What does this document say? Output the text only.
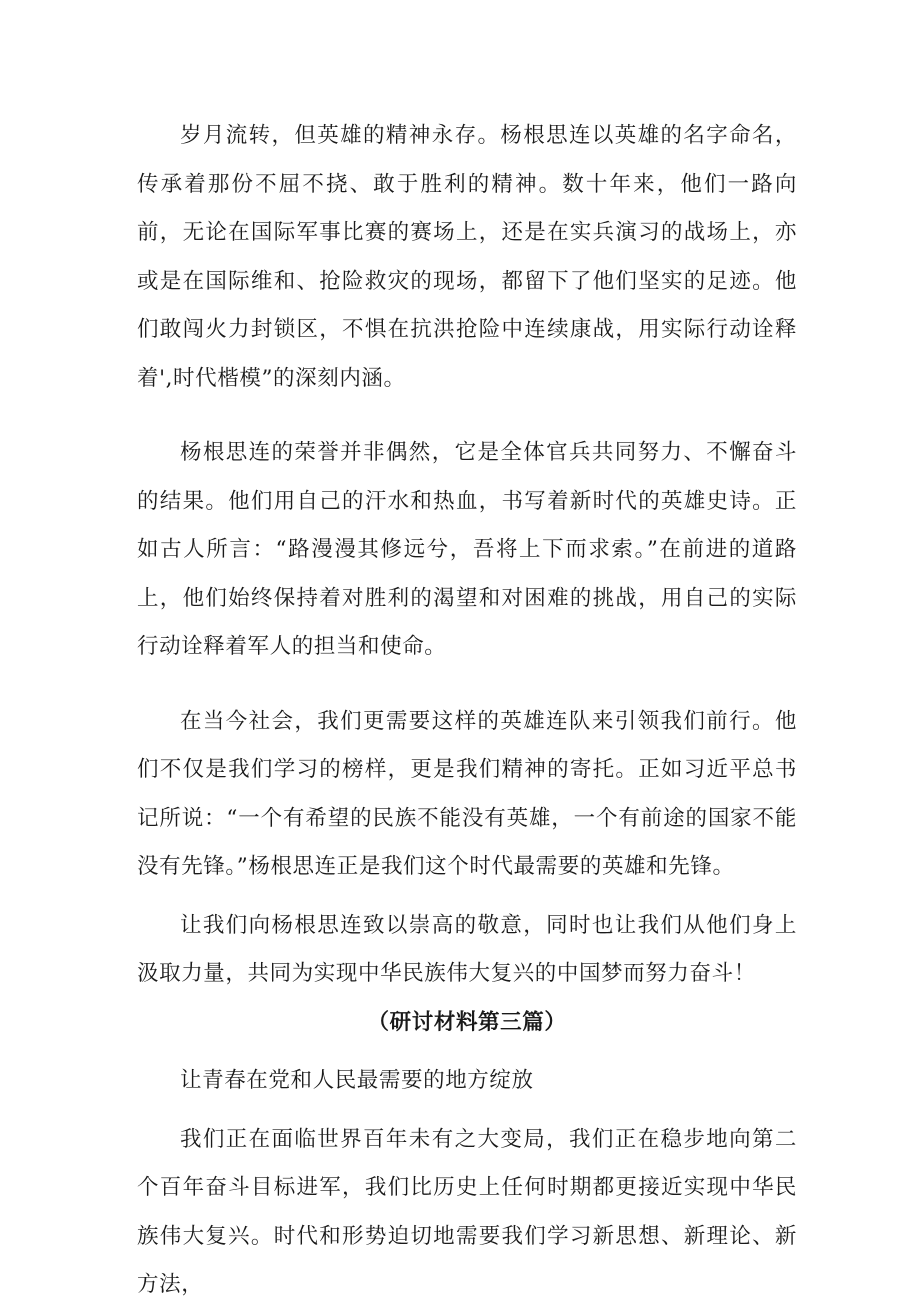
岁月流转，但英雄的精神永存。杨根思连以英雄的名字命名，传承着那份不屈不挠、敢于胜利的精神。数十年来，他们一路向前，无论在国际军事比赛的赛场上，还是在实兵演习的战场上，亦或是在国际维和、抢险救灾的现场，都留下了他们坚实的足迹。他们敢闯火力封锁区，不惧在抗洪抢险中连续康战，用实际行动诠释着',时代楷模”的深刻内涵。

杨根思连的荣誉并非偶然，它是全体官兵共同努力、不懈奋斗的结果。他们用自己的汗水和热血，书写着新时代的英雄史诗。正如古人所言：“路漫漫其修远兮，吾将上下而求索。”在前进的道路上，他们始终保持着对胜利的渴望和对困难的挑战，用自己的实际行动诠释着军人的担当和使命。

在当今社会，我们更需要这样的英雄连队来引领我们前行。他们不仅是我们学习的榜样，更是我们精神的寄托。正如习近平总书记所说：“一个有希望的民族不能没有英雄，一个有前途的国家不能没有先锋。”杨根思连正是我们这个时代最需要的英雄和先锋。

让我们向杨根思连致以崇高的敬意，同时也让我们从他们身上汲取力量，共同为实现中华民族伟大复兴的中国梦而努力奋斗！

（研讨材料第三篇）

让青春在党和人民最需要的地方绽放

我们正在面临世界百年未有之大变局，我们正在稳步地向第二个百年奋斗目标进军，我们比历史上任何时期都更接近实现中华民族伟大复兴。时代和形势迫切地需要我们学习新思想、新理论、新方法，
